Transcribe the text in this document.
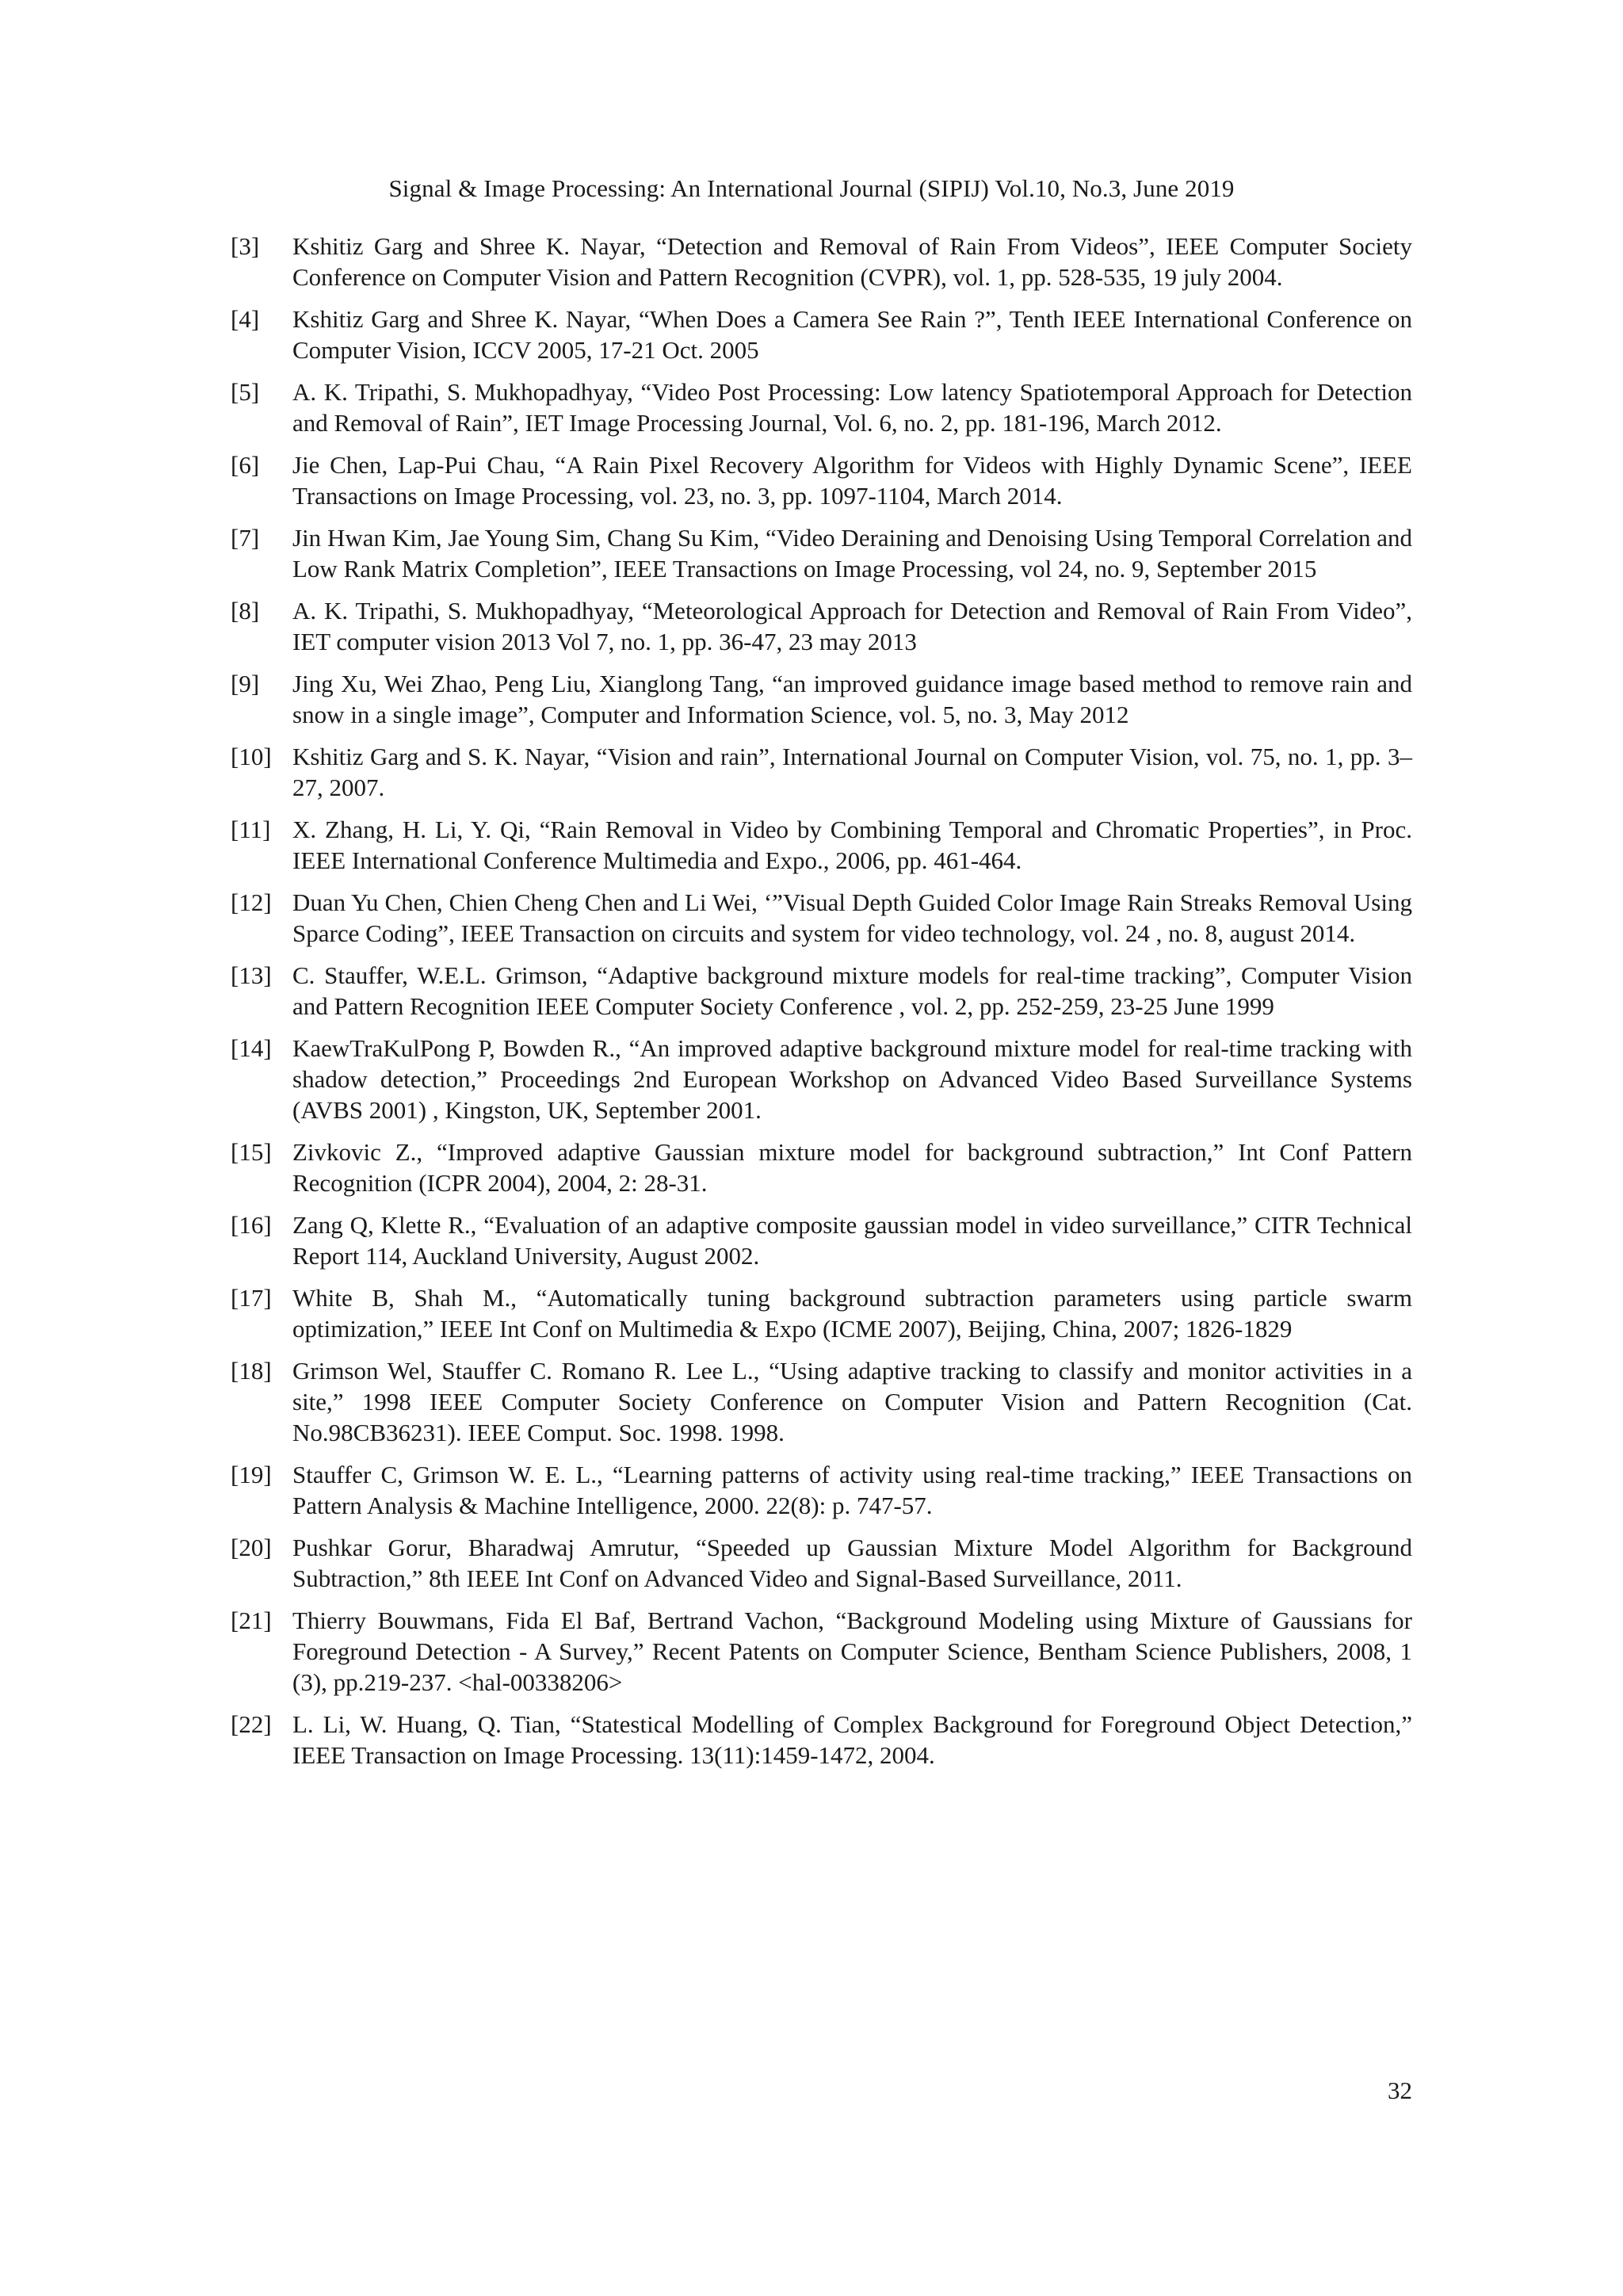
Signal & Image Processing: An International Journal (SIPIJ) Vol.10, No.3, June 2019
[3]	Kshitiz Garg and Shree K. Nayar, “Detection and Removal of Rain From Videos”, IEEE Computer Society Conference on Computer Vision and Pattern Recognition (CVPR), vol. 1, pp. 528-535, 19 july 2004.
[4]	Kshitiz Garg and Shree K. Nayar, “When Does a Camera See Rain ?”, Tenth IEEE International Conference on Computer Vision, ICCV 2005, 17-21 Oct. 2005
[5]	A. K. Tripathi, S. Mukhopadhyay, “Video Post Processing: Low latency Spatiotemporal Approach for Detection and Removal of Rain”, IET Image Processing Journal, Vol. 6, no. 2, pp. 181-196, March 2012.
[6]	Jie Chen, Lap-Pui Chau, “A Rain Pixel Recovery Algorithm for Videos with Highly Dynamic Scene”, IEEE Transactions on Image Processing, vol. 23, no. 3, pp. 1097-1104, March 2014.
[7]	Jin Hwan Kim, Jae Young Sim, Chang Su Kim, “Video Deraining and Denoising Using Temporal Correlation and Low Rank Matrix Completion”, IEEE Transactions on Image Processing, vol 24, no. 9, September 2015
[8]	A. K. Tripathi, S. Mukhopadhyay, “Meteorological Approach for Detection and Removal of Rain From Video”, IET computer vision 2013 Vol 7, no. 1, pp. 36-47, 23 may 2013
[9]	Jing Xu, Wei Zhao, Peng Liu, Xianglong Tang, “an improved guidance image based method to remove rain and snow in a single image”, Computer and Information Science, vol. 5, no. 3, May 2012
[10] Kshitiz Garg and S. K. Nayar, “Vision and rain”, International Journal on Computer Vision, vol. 75, no. 1, pp. 3–27, 2007.
[11] X. Zhang, H. Li, Y. Qi, “Rain Removal in Video by Combining Temporal and Chromatic Properties”, in Proc. IEEE International Conference Multimedia and Expo., 2006, pp. 461-464.
[12] Duan Yu Chen, Chien Cheng Chen and Li Wei, ‘”Visual Depth Guided Color Image Rain Streaks Removal Using Sparce Coding”, IEEE Transaction on circuits and system for video technology, vol. 24 , no. 8, august 2014.
[13] C. Stauffer, W.E.L. Grimson, “Adaptive background mixture models for real-time tracking”, Computer Vision and Pattern Recognition IEEE Computer Society Conference , vol. 2, pp. 252-259, 23-25 June 1999
[14] KaewTraKulPong P, Bowden R., “An improved adaptive background mixture model for real-time tracking with shadow detection,” Proceedings 2nd European Workshop on Advanced Video Based Surveillance Systems (AVBS 2001) , Kingston, UK, September 2001.
[15] Zivkovic Z., “Improved adaptive Gaussian mixture model for background subtraction,” Int Conf Pattern Recognition (ICPR 2004), 2004, 2: 28-31.
[16] Zang Q, Klette R., “Evaluation of an adaptive composite gaussian model in video surveillance,” CITR Technical Report 114, Auckland University, August 2002.
[17] White B, Shah M., “Automatically tuning background subtraction parameters using particle swarm optimization,” IEEE Int Conf on Multimedia & Expo (ICME 2007), Beijing, China, 2007; 1826-1829
[18] Grimson Wel, Stauffer C. Romano R. Lee L., “Using adaptive tracking to classify and monitor activities in a site,” 1998 IEEE Computer Society Conference on Computer Vision and Pattern Recognition (Cat. No.98CB36231). IEEE Comput. Soc. 1998. 1998.
[19] Stauffer C, Grimson W. E. L., “Learning patterns of activity using real-time tracking,” IEEE Transactions on Pattern Analysis & Machine Intelligence, 2000. 22(8): p. 747-57.
[20] Pushkar Gorur, Bharadwaj Amrutur, “Speeded up Gaussian Mixture Model Algorithm for Background Subtraction,” 8th IEEE Int Conf on Advanced Video and Signal-Based Surveillance, 2011.
[21] Thierry Bouwmans, Fida El Baf, Bertrand Vachon, “Background Modeling using Mixture of Gaussians for Foreground Detection - A Survey,” Recent Patents on Computer Science, Bentham Science Publishers, 2008, 1 (3), pp.219-237. <hal-00338206>
[22] L. Li, W. Huang, Q. Tian, “Statestical Modelling of Complex Background for Foreground Object Detection,” IEEE Transaction on Image Processing. 13(11):1459-1472, 2004.
32
